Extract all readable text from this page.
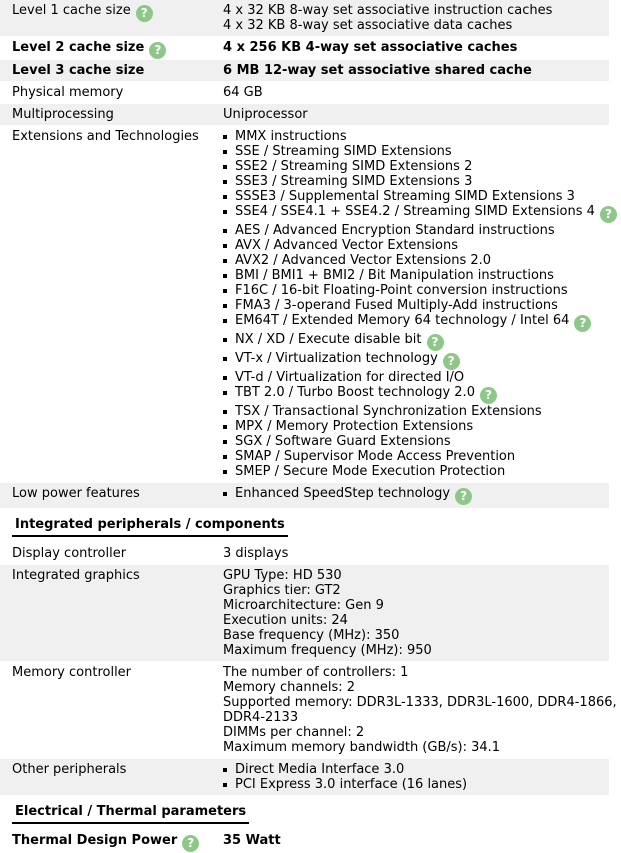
Level 1 cache size ?	4 x 32 KB 8-way set associative instruction caches
4 x 32 KB 8-way set associative data caches
Level 2 cache size ?	4 x 256 KB 4-way set associative caches
Level 3 cache size	6 MB 12-way set associative shared cache
Physical memory	64 GB
Multiprocessing	Uniprocessor
Extensions and Technologies	MMX instructions
SSE / Streaming SIMD Extensions
SSE2 / Streaming SIMD Extensions 2
SSE3 / Streaming SIMD Extensions 3
SSSE3 / Supplemental Streaming SIMD Extensions 3
SSE4 / SSE4.1 + SSE4.2 / Streaming SIMD Extensions 4 ?
AES / Advanced Encryption Standard instructions
AVX / Advanced Vector Extensions
AVX2 / Advanced Vector Extensions 2.0
BMI / BMI1 + BMI2 / Bit Manipulation instructions
F16C / 16-bit Floating-Point conversion instructions
FMA3 / 3-operand Fused Multiply-Add instructions
EM64T / Extended Memory 64 technology / Intel 64 ?
NX / XD / Execute disable bit ?
VT-x / Virtualization technology ?
VT-d / Virtualization for directed I/O
TBT 2.0 / Turbo Boost technology 2.0 ?
TSX / Transactional Synchronization Extensions
MPX / Memory Protection Extensions
SGX / Software Guard Extensions
SMAP / Supervisor Mode Access Prevention
SMEP / Secure Mode Execution Protection
Low power features	Enhanced SpeedStep technology ?
Integrated peripherals / components
Display controller	3 displays
Integrated graphics	GPU Type: HD 530
Graphics tier: GT2
Microarchitecture: Gen 9
Execution units: 24
Base frequency (MHz): 350
Maximum frequency (MHz): 950
Memory controller	The number of controllers: 1
Memory channels: 2
Supported memory: DDR3L-1333, DDR3L-1600, DDR4-1866,
DDR4-2133
DIMMs per channel: 2
Maximum memory bandwidth (GB/s): 34.1
Other peripherals	Direct Media Interface 3.0
PCI Express 3.0 interface (16 lanes)
Electrical / Thermal parameters
Thermal Design Power ?	35 Watt
